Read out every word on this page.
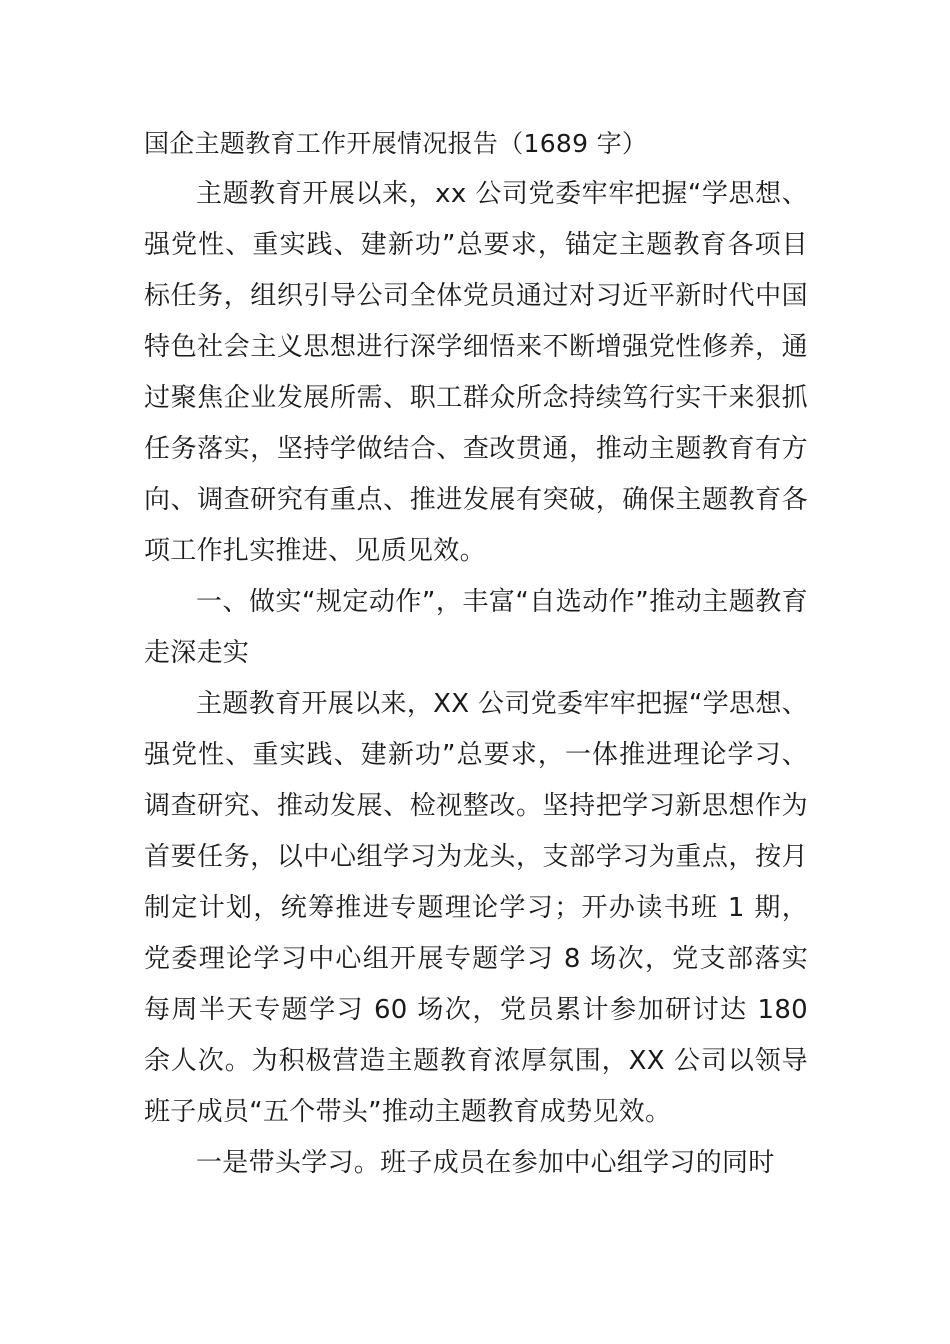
国企主题教育工作开展情况报告（1689 字）

主题教育开展以来，xx 公司党委牢牢把握“学思想、强党性、重实践、建新功”总要求，锚定主题教育各项目标任务，组织引导公司全体党员通过对习近平新时代中国特色社会主义思想进行深学细悟来不断增强党性修养，通过聚焦企业发展所需、职工群众所念持续笃行实干来狠抓任务落实，坚持学做结合、查改贯通，推动主题教育有方向、调查研究有重点、推进发展有突破，确保主题教育各项工作扎实推进、见质见效。

一、做实“规定动作”，丰富“自选动作”推动主题教育走深走实

主题教育开展以来，XX 公司党委牢牢把握“学思想、强党性、重实践、建新功”总要求，一体推进理论学习、调查研究、推动发展、检视整改。坚持把学习新思想作为首要任务，以中心组学习为龙头，支部学习为重点，按月制定计划，统筹推进专题理论学习；开办读书班 1 期，党委理论学习中心组开展专题学习 8 场次，党支部落实每周半天专题学习 60 场次，党员累计参加研讨达 180 余人次。为积极营造主题教育浓厚氛围，XX 公司以领导班子成员“五个带头”推动主题教育成势见效。

一是带头学习。班子成员在参加中心组学习的同时
